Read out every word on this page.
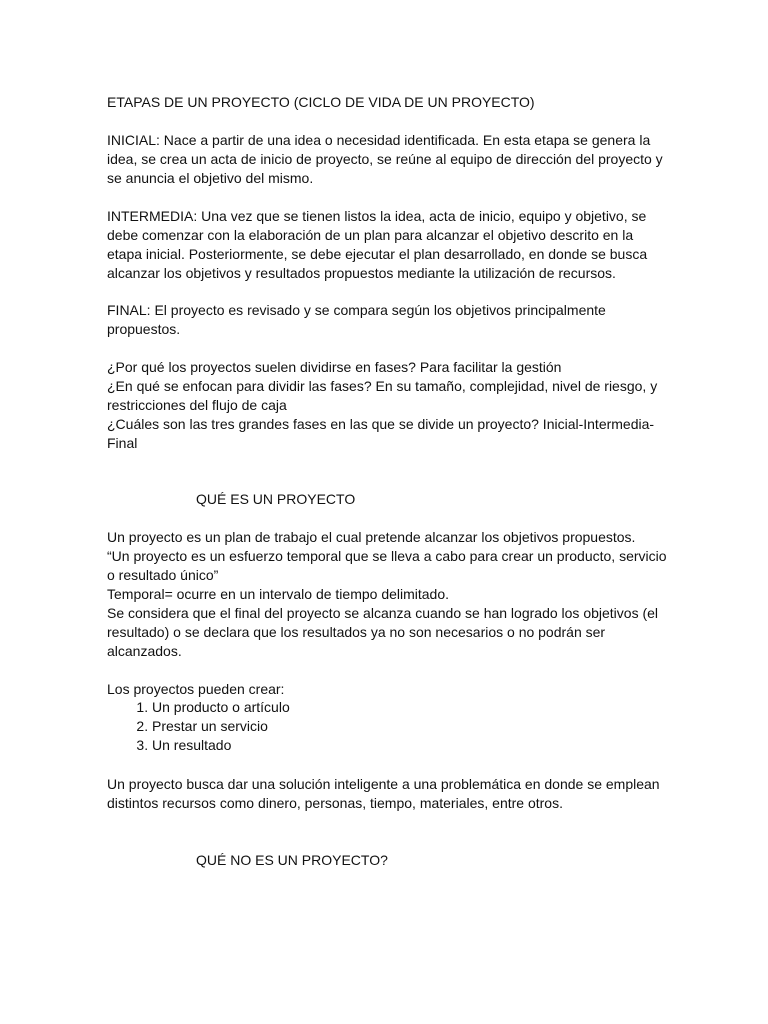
ETAPAS DE UN PROYECTO (CICLO DE VIDA DE UN PROYECTO)

INICIAL: Nace a partir de una idea o necesidad identificada. En esta etapa se genera la idea, se crea un acta de inicio de proyecto, se reúne al equipo de dirección del proyecto y se anuncia el objetivo del mismo.

INTERMEDIA: Una vez que se tienen listos la idea, acta de inicio, equipo y objetivo, se debe comenzar con la elaboración de un plan para alcanzar el objetivo descrito en la etapa inicial. Posteriormente, se debe ejecutar el plan desarrollado, en donde se busca alcanzar los objetivos y resultados propuestos mediante la utilización de recursos.

FINAL: El proyecto es revisado y se compara según los objetivos principalmente propuestos.

¿Por qué los proyectos suelen dividirse en fases? Para facilitar la gestión
¿En qué se enfocan para dividir las fases? En su tamaño, complejidad, nivel de riesgo, y restricciones del flujo de caja
¿Cuáles son las tres grandes fases en las que se divide un proyecto? Inicial-Intermedia-Final

QUÉ ES UN PROYECTO

Un proyecto es un plan de trabajo el cual pretende alcanzar los objetivos propuestos.
“Un proyecto es un esfuerzo temporal que se lleva a cabo para crear un producto, servicio o resultado único”
Temporal= ocurre en un intervalo de tiempo delimitado.
Se considera que el final del proyecto se alcanza cuando se han logrado los objetivos (el resultado) o se declara que los resultados ya no son necesarios o no podrán ser alcanzados.

Los proyectos pueden crear:

1. Un producto o artículo
2. Prestar un servicio
3. Un resultado

Un proyecto busca dar una solución inteligente a una problemática en donde se emplean distintos recursos como dinero, personas, tiempo, materiales, entre otros.

QUÉ NO ES UN PROYECTO?
